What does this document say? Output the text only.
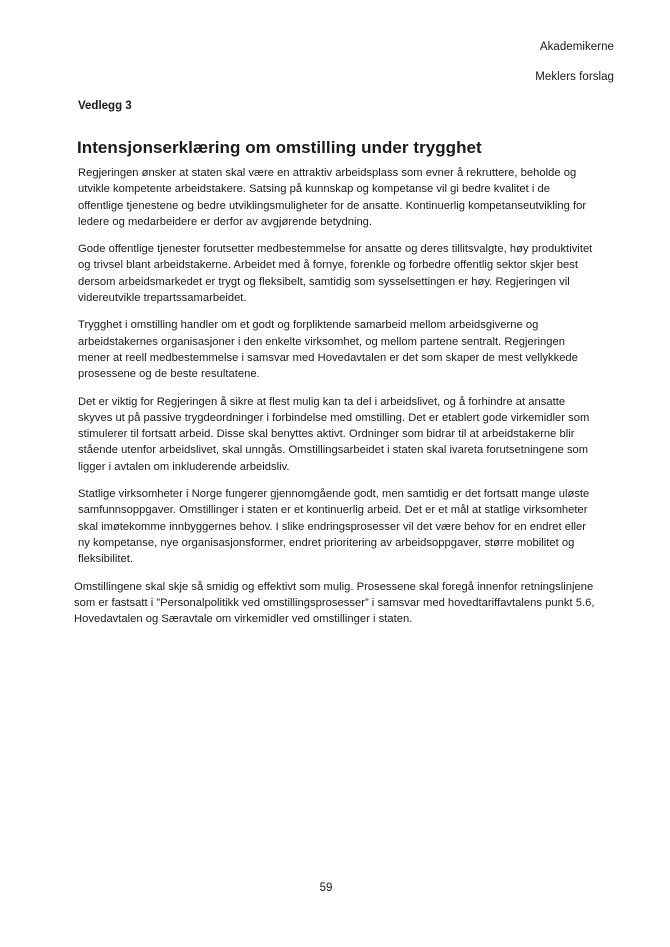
Akademikerne
Meklers forslag
Vedlegg 3
Intensjonserklæring om omstilling under trygghet

Regjeringen ønsker at staten skal være en attraktiv arbeidsplass som evner å rekruttere, beholde og utvikle kompetente arbeidstakere. Satsing på kunnskap og kompetanse vil gi bedre kvalitet i de offentlige tjenestene og bedre utviklingsmuligheter for de ansatte. Kontinuerlig kompetanseutvikling for ledere og medarbeidere er derfor av avgjørende betydning.

Gode offentlige tjenester forutsetter medbestemmelse for ansatte og deres tillitsvalgte, høy produktivitet og trivsel blant arbeidstakerne. Arbeidet med å fornye, forenkle og forbedre offentlig sektor skjer best dersom arbeidsmarkedet er trygt og fleksibelt, samtidig som sysselsettingen er høy. Regjeringen vil videreutvikle trepartssamarbeidet.

Trygghet i omstilling handler om et godt og forpliktende samarbeid mellom arbeidsgiverne og arbeidstakernes organisasjoner i den enkelte virksomhet, og mellom partene sentralt. Regjeringen mener at reell medbestemmelse i samsvar med Hovedavtalen er det som skaper de mest vellykkede prosessene og de beste resultatene.

Det er viktig for Regjeringen å sikre at flest mulig kan ta del i arbeidslivet, og å forhindre at ansatte skyves ut på passive trygdeordninger i forbindelse med omstilling. Det er etablert gode virkemidler som stimulerer til fortsatt arbeid. Disse skal benyttes aktivt. Ordninger som bidrar til at arbeidstakerne blir stående utenfor arbeidslivet, skal unngås. Omstillingsarbeidet i staten skal ivareta forutsetningene som ligger i avtalen om inkluderende arbeidsliv.

Statlige virksomheter i Norge fungerer gjennomgående godt, men samtidig er det fortsatt mange uløste samfunnsoppgaver. Omstillinger i staten er et kontinuerlig arbeid. Det er et mål at statlige virksomheter skal imøtekomme innbyggernes behov. I slike endringsprosesser vil det være behov for en endret eller ny kompetanse, nye organisasjonsformer, endret prioritering av arbeidsoppgaver, større mobilitet og fleksibilitet.

Omstillingene skal skje så smidig og effektivt som mulig. Prosessene skal foregå innenfor retningslinjene som er fastsatt i ”Personalpolitikk ved omstillingsprosesser” i samsvar med hovedtariffavtalens punkt 5.6, Hovedavtalen og Særavtale om virkemidler ved omstillinger i staten.

59
